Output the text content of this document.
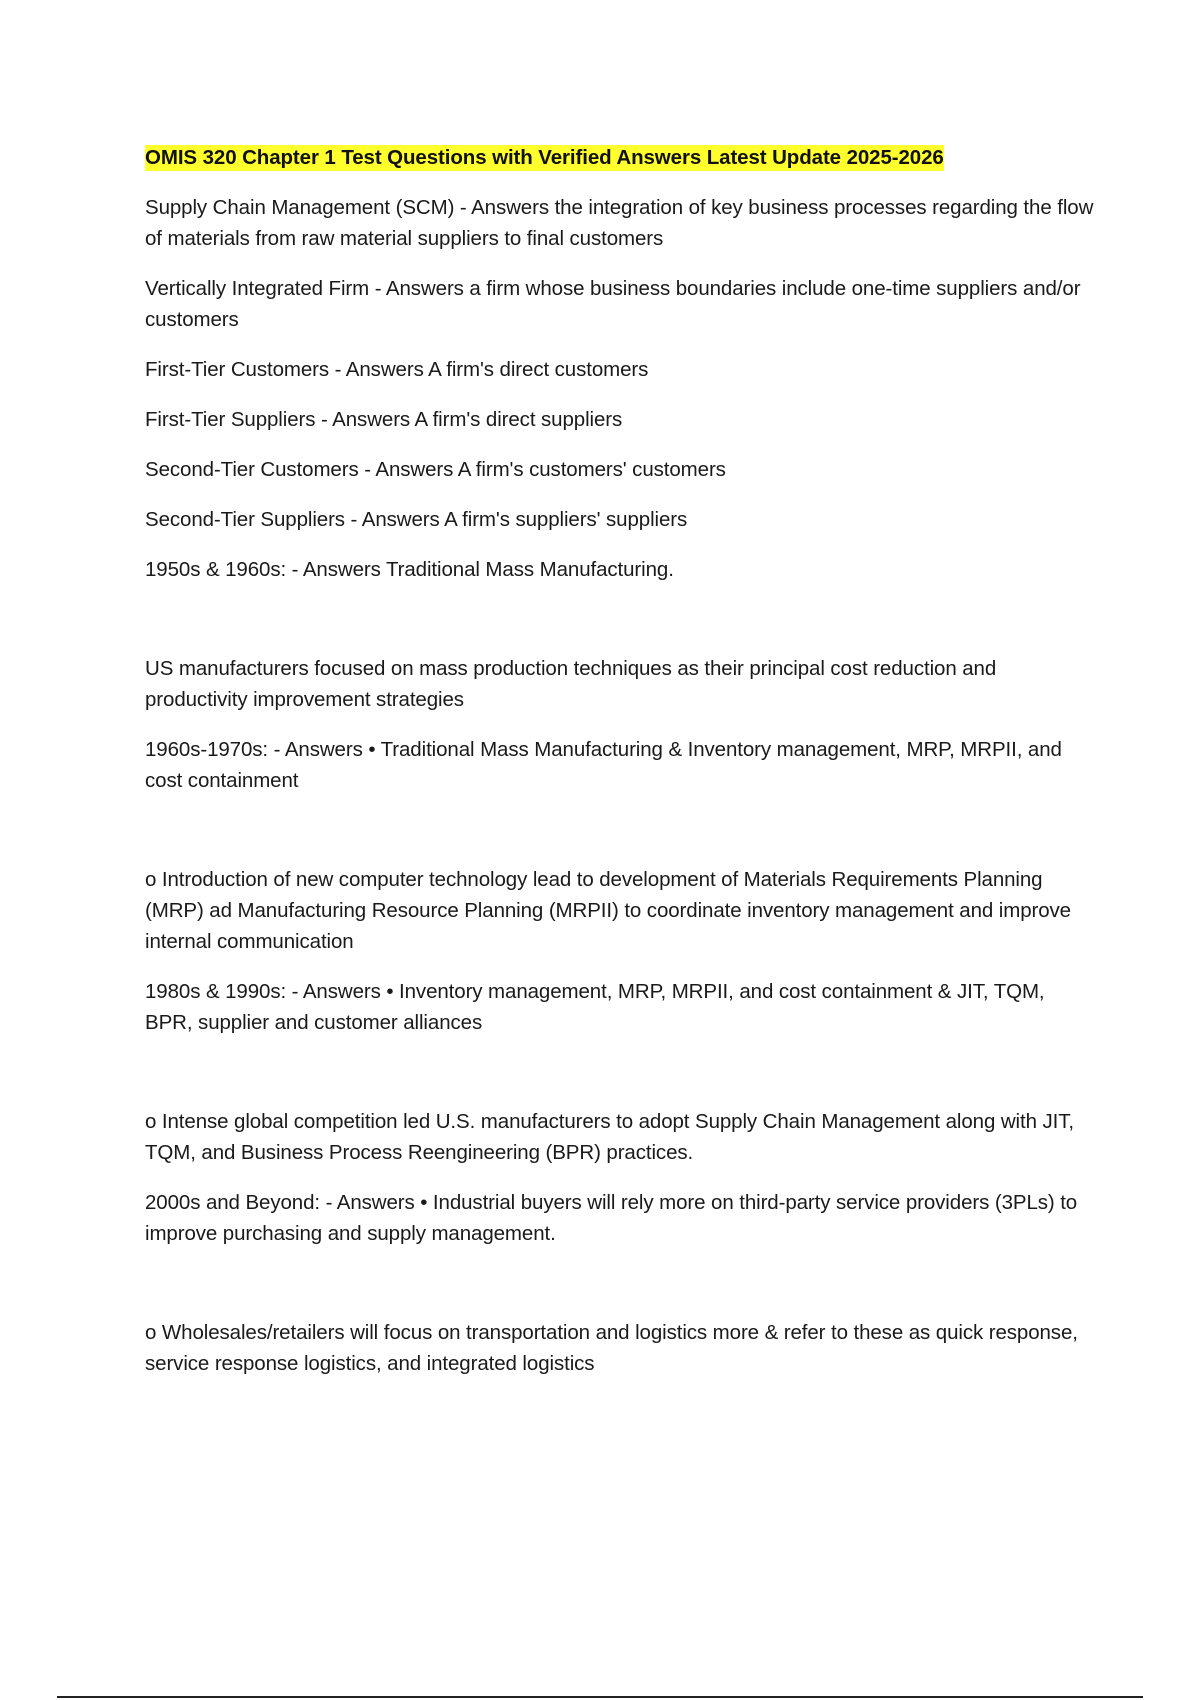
OMIS 320 Chapter 1 Test Questions with Verified Answers Latest Update 2025-2026

Supply Chain Management (SCM) - Answers the integration of key business processes regarding the flow of materials from raw material suppliers to final customers

Vertically Integrated Firm - Answers a firm whose business boundaries include one-time suppliers and/or customers

First-Tier Customers - Answers A firm's direct customers

First-Tier Suppliers - Answers A firm's direct suppliers

Second-Tier Customers - Answers A firm's customers' customers

Second-Tier Suppliers - Answers A firm's suppliers' suppliers

1950s & 1960s: - Answers Traditional Mass Manufacturing.

US manufacturers focused on mass production techniques as their principal cost reduction and productivity improvement strategies

1960s-1970s: - Answers • Traditional Mass Manufacturing & Inventory management, MRP, MRPII, and cost containment

o Introduction of new computer technology lead to development of Materials Requirements Planning (MRP) ad Manufacturing Resource Planning (MRPII) to coordinate inventory management and improve internal communication

1980s & 1990s: - Answers • Inventory management, MRP, MRPII, and cost containment & JIT, TQM, BPR, supplier and customer alliances

o Intense global competition led U.S. manufacturers to adopt Supply Chain Management along with JIT, TQM, and Business Process Reengineering (BPR) practices.

2000s and Beyond: - Answers • Industrial buyers will rely more on third-party service providers (3PLs) to improve purchasing and supply management.

o Wholesales/retailers will focus on transportation and logistics more & refer to these as quick response, service response logistics, and integrated logistics
